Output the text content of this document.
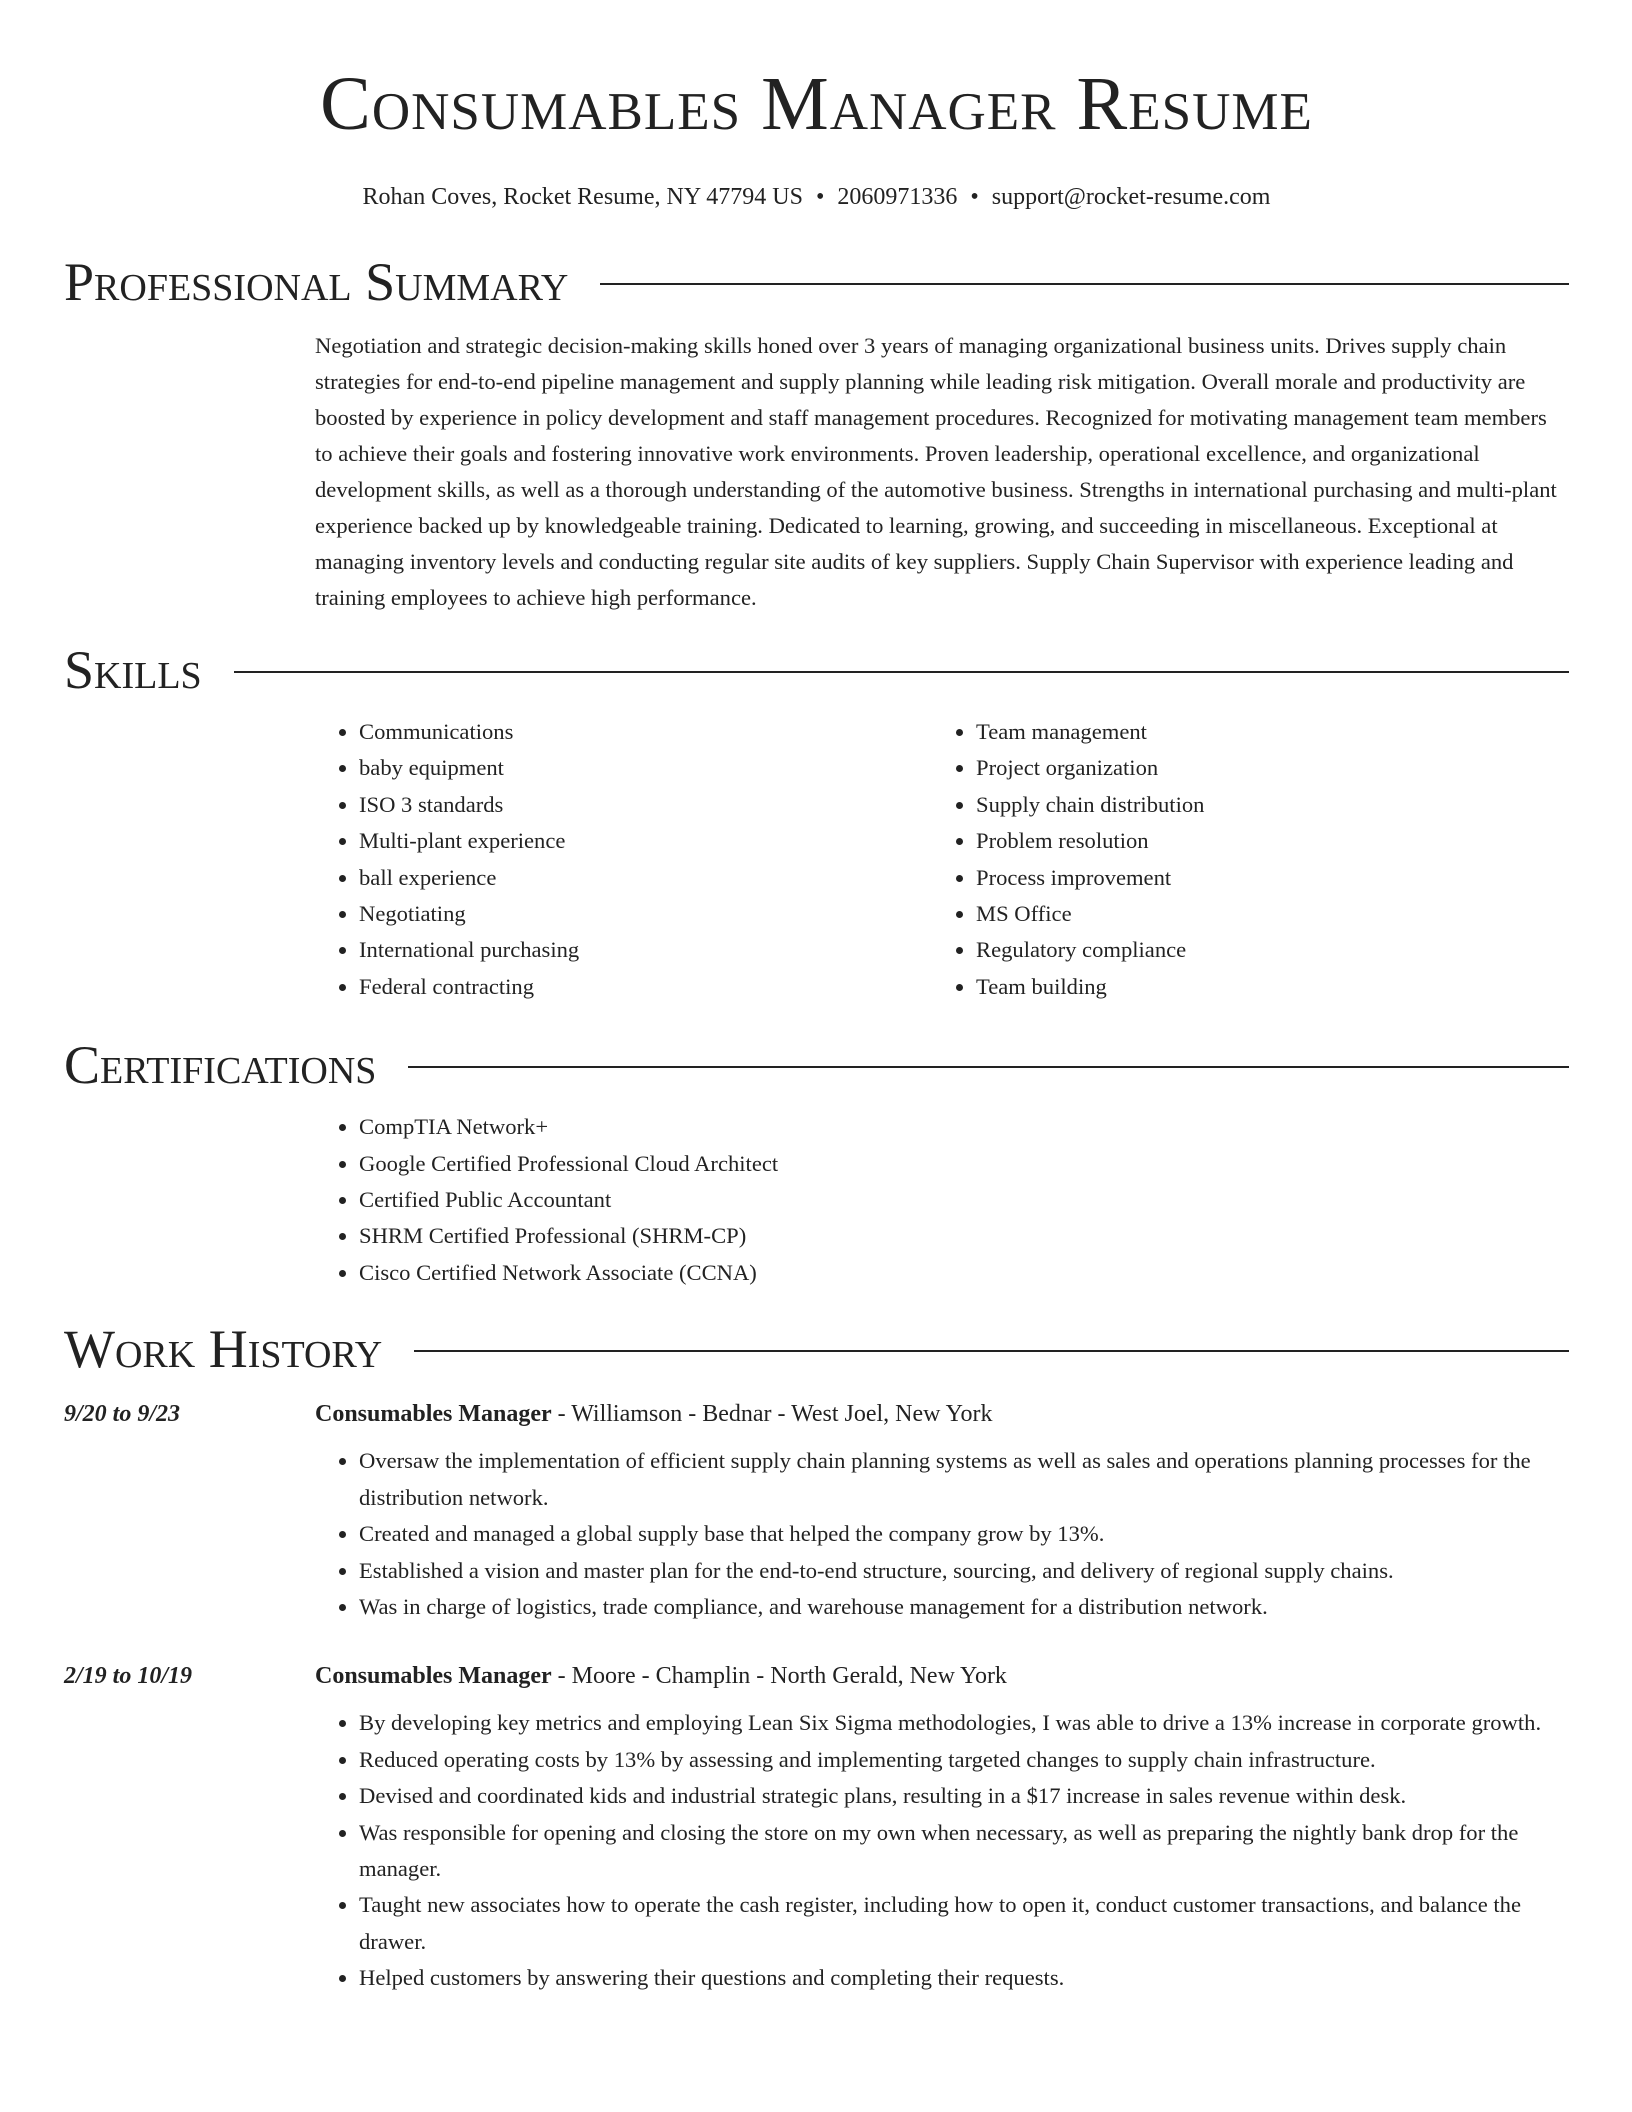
Consumables Manager Resume
Rohan Coves, Rocket Resume, NY 47794 US • 2060971336 • support@rocket-resume.com
Professional Summary

Negotiation and strategic decision-making skills honed over 3 years of managing organizational business units. Drives supply chain strategies for end-to-end pipeline management and supply planning while leading risk mitigation. Overall morale and productivity are boosted by experience in policy development and staff management procedures. Recognized for motivating management team members to achieve their goals and fostering innovative work environments. Proven leadership, operational excellence, and organizational development skills, as well as a thorough understanding of the automotive business. Strengths in international purchasing and multi-plant experience backed up by knowledgeable training. Dedicated to learning, growing, and succeeding in miscellaneous. Exceptional at managing inventory levels and conducting regular site audits of key suppliers. Supply Chain Supervisor with experience leading and training employees to achieve high performance.

Skills
• Communications
• baby equipment
• ISO 3 standards
• Multi-plant experience
• ball experience
• Negotiating
• International purchasing
• Federal contracting
• Team management
• Project organization
• Supply chain distribution
• Problem resolution
• Process improvement
• MS Office
• Regulatory compliance
• Team building
Certifications
• CompTIA Network+
• Google Certified Professional Cloud Architect
• Certified Public Accountant
• SHRM Certified Professional (SHRM-CP)
• Cisco Certified Network Associate (CCNA)
Work History
9/20 to 9/23	Consumables Manager - Williamson - Bednar - West Joel, New York
• Oversaw the implementation of efficient supply chain planning systems as well as sales and operations planning processes for the distribution network.
• Created and managed a global supply base that helped the company grow by 13%.
• Established a vision and master plan for the end-to-end structure, sourcing, and delivery of regional supply chains.
• Was in charge of logistics, trade compliance, and warehouse management for a distribution network.
2/19 to 10/19	Consumables Manager - Moore - Champlin - North Gerald, New York
• By developing key metrics and employing Lean Six Sigma methodologies, I was able to drive a 13% increase in corporate growth.
• Reduced operating costs by 13% by assessing and implementing targeted changes to supply chain infrastructure.
• Devised and coordinated kids and industrial strategic plans, resulting in a $17 increase in sales revenue within desk.
• Was responsible for opening and closing the store on my own when necessary, as well as preparing the nightly bank drop for the manager.
• Taught new associates how to operate the cash register, including how to open it, conduct customer transactions, and balance the drawer.
• Helped customers by answering their questions and completing their requests.
